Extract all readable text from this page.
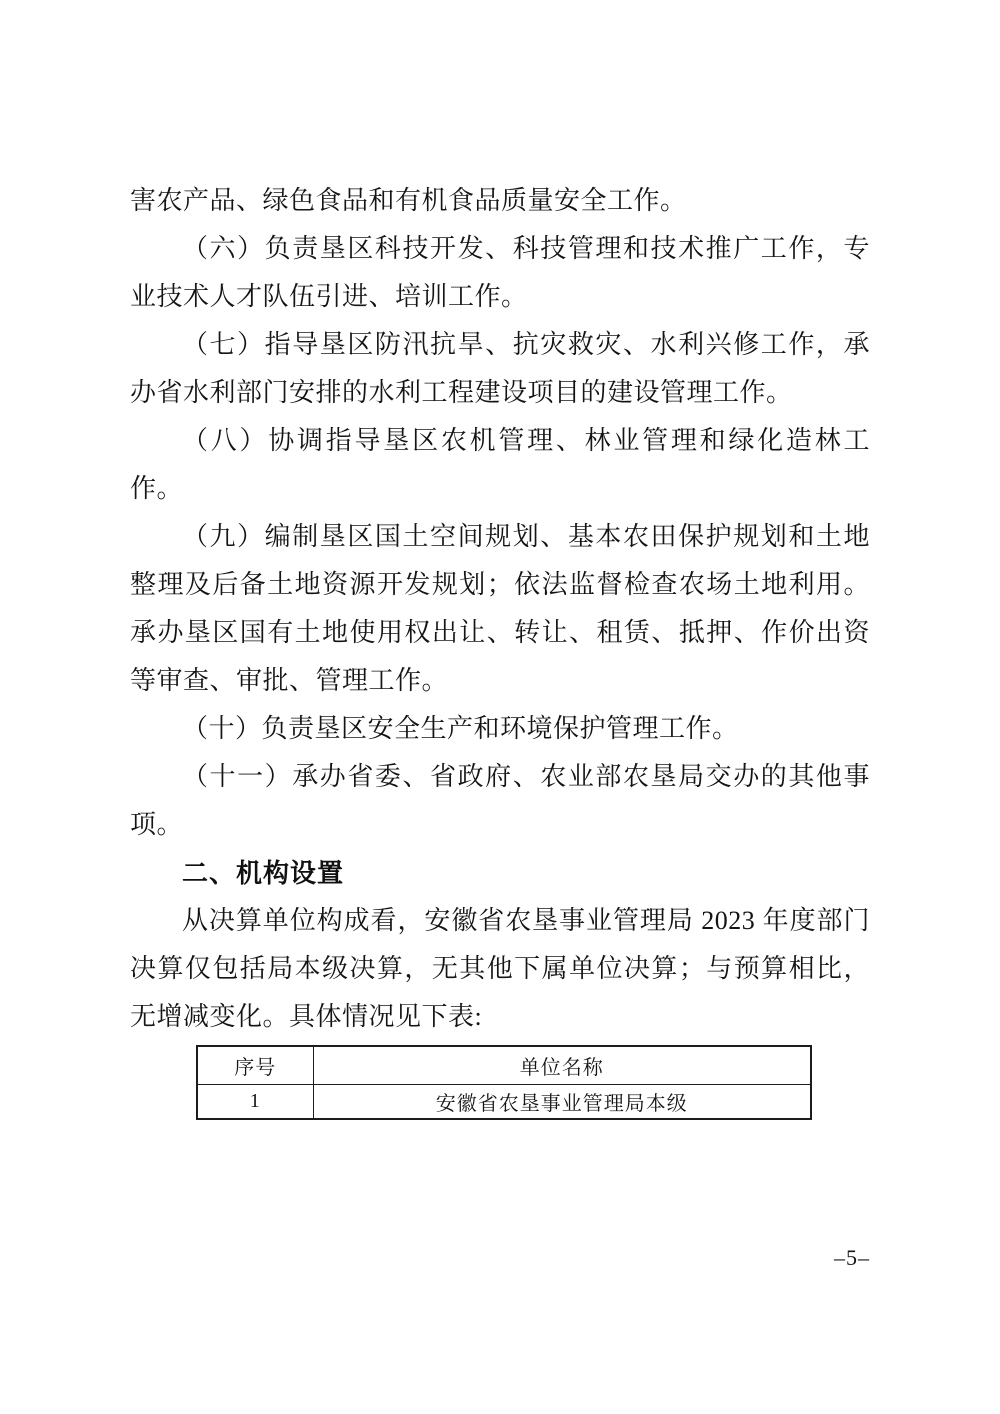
害农产品、绿色食品和有机食品质量安全工作。

（六）负责垦区科技开发、科技管理和技术推广工作，专业技术人才队伍引进、培训工作。

（七）指导垦区防汛抗旱、抗灾救灾、水利兴修工作，承办省水利部门安排的水利工程建设项目的建设管理工作。

（八）协调指导垦区农机管理、林业管理和绿化造林工作。

（九）编制垦区国土空间规划、基本农田保护规划和土地整理及后备土地资源开发规划；依法监督检查农场土地利用。承办垦区国有土地使用权出让、转让、租赁、抵押、作价出资等审查、审批、管理工作。

（十）负责垦区安全生产和环境保护管理工作。

（十一）承办省委、省政府、农业部农垦局交办的其他事项。

二、机构设置

从决算单位构成看，安徽省农垦事业管理局 2023 年度部门决算仅包括局本级决算，无其他下属单位决算；与预算相比，无增减变化。具体情况见下表:

序号	单位名称
1	安徽省农垦事业管理局本级
–5–
